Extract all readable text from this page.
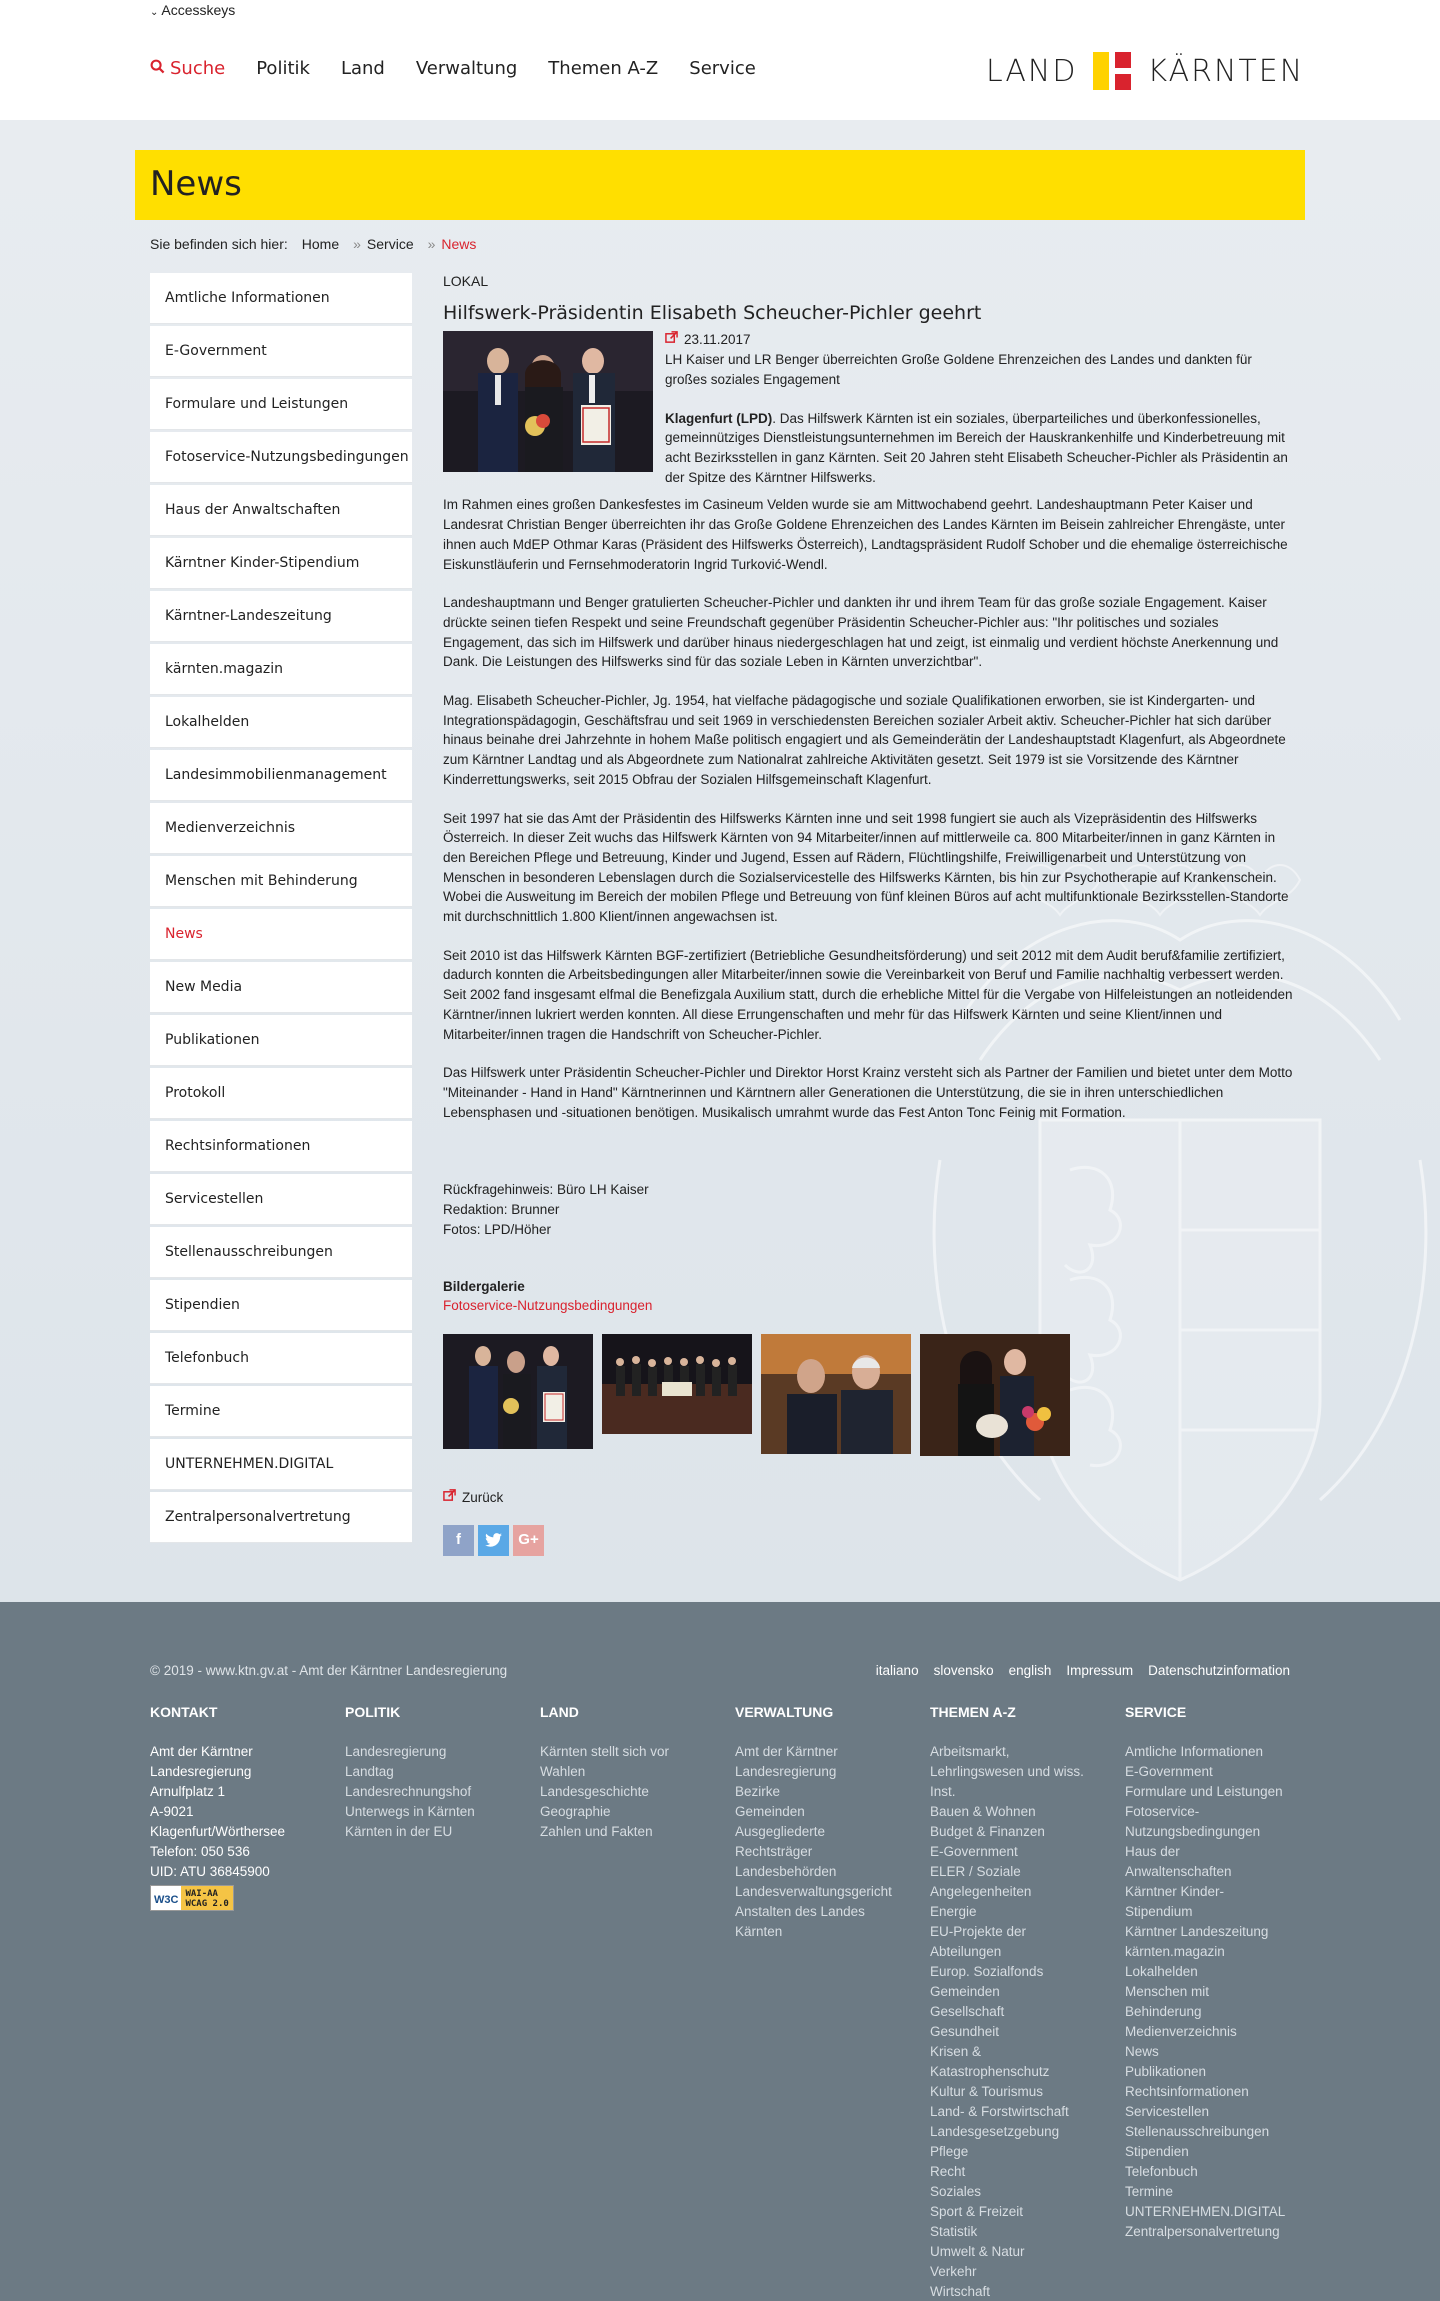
⌄ Accesskeys
Suche Politik Land Verwaltung Themen A-Z Service	LAND KÄRNTEN
News
Sie befinden sich hier: Home » Service » News
Amtliche Informationen
E-Government
Formulare und Leistungen
Fotoservice-Nutzungsbedingungen
Haus der Anwaltschaften
Kärntner Kinder-Stipendium
Kärntner-Landeszeitung
kärnten.magazin
Lokalhelden
Landesimmobilienmanagement
Medienverzeichnis
Menschen mit Behinderung
News
New Media
Publikationen
Protokoll
Rechtsinformationen
Servicestellen
Stellenausschreibungen
Stipendien
Telefonbuch
Termine
UNTERNEHMEN.DIGITAL
Zentralpersonalvertretung
LOKAL
Hilfswerk-Präsidentin Elisabeth Scheucher-Pichler geehrt
23.11.2017
LH Kaiser und LR Benger überreichten Große Goldene Ehrenzeichen des Landes und dankten für großes soziales Engagement
Klagenfurt (LPD). Das Hilfswerk Kärnten ist ein soziales, überparteiliches und überkonfessionelles, gemeinnütziges Dienstleistungsunternehmen im Bereich der Hauskrankenhilfe und Kinderbetreuung mit acht Bezirksstellen in ganz Kärnten. Seit 20 Jahren steht Elisabeth Scheucher-Pichler als Präsidentin an der Spitze des Kärntner Hilfswerks.
Im Rahmen eines großen Dankesfestes im Casineum Velden wurde sie am Mittwochabend geehrt. Landeshauptmann Peter Kaiser und Landesrat Christian Benger überreichten ihr das Große Goldene Ehrenzeichen des Landes Kärnten im Beisein zahlreicher Ehrengäste, unter ihnen auch MdEP Othmar Karas (Präsident des Hilfswerks Österreich), Landtagspräsident Rudolf Schober und die ehemalige österreichische Eiskunstläuferin und Fernsehmoderatorin Ingrid Turković-Wendl.
Landeshauptmann und Benger gratulierten Scheucher-Pichler und dankten ihr und ihrem Team für das große soziale Engagement. Kaiser drückte seinen tiefen Respekt und seine Freundschaft gegenüber Präsidentin Scheucher-Pichler aus: "Ihr politisches und soziales Engagement, das sich im Hilfswerk und darüber hinaus niedergeschlagen hat und zeigt, ist einmalig und verdient höchste Anerkennung und Dank. Die Leistungen des Hilfswerks sind für das soziale Leben in Kärnten unverzichtbar".
Mag. Elisabeth Scheucher-Pichler, Jg. 1954, hat vielfache pädagogische und soziale Qualifikationen erworben, sie ist Kindergarten- und Integrationspädagogin, Geschäftsfrau und seit 1969 in verschiedensten Bereichen sozialer Arbeit aktiv. Scheucher-Pichler hat sich darüber hinaus beinahe drei Jahrzehnte in hohem Maße politisch engagiert und als Gemeinderätin der Landeshauptstadt Klagenfurt, als Abgeordnete zum Kärntner Landtag und als Abgeordnete zum Nationalrat zahlreiche Aktivitäten gesetzt. Seit 1979 ist sie Vorsitzende des Kärntner Kinderrettungswerks, seit 2015 Obfrau der Sozialen Hilfsgemeinschaft Klagenfurt.
Seit 1997 hat sie das Amt der Präsidentin des Hilfswerks Kärnten inne und seit 1998 fungiert sie auch als Vizepräsidentin des Hilfswerks Österreich. In dieser Zeit wuchs das Hilfswerk Kärnten von 94 Mitarbeiter/innen auf mittlerweile ca. 800 Mitarbeiter/innen in ganz Kärnten in den Bereichen Pflege und Betreuung, Kinder und Jugend, Essen auf Rädern, Flüchtlingshilfe, Freiwilligenarbeit und Unterstützung von Menschen in besonderen Lebenslagen durch die Sozialservicestelle des Hilfswerks Kärnten, bis hin zur Psychotherapie auf Krankenschein. Wobei die Ausweitung im Bereich der mobilen Pflege und Betreuung von fünf kleinen Büros auf acht multifunktionale Bezirksstellen-Standorte mit durchschnittlich 1.800 Klient/innen angewachsen ist.
Seit 2010 ist das Hilfswerk Kärnten BGF-zertifiziert (Betriebliche Gesundheitsförderung) und seit 2012 mit dem Audit beruf&familie zertifiziert, dadurch konnten die Arbeitsbedingungen aller Mitarbeiter/innen sowie die Vereinbarkeit von Beruf und Familie nachhaltig verbessert werden. Seit 2002 fand insgesamt elfmal die Benefizgala Auxilium statt, durch die erhebliche Mittel für die Vergabe von Hilfeleistungen an notleidenden Kärntner/innen lukriert werden konnten. All diese Errungenschaften und mehr für das Hilfswerk Kärnten und seine Klient/innen und Mitarbeiter/innen tragen die Handschrift von Scheucher-Pichler.
Das Hilfswerk unter Präsidentin Scheucher-Pichler und Direktor Horst Krainz versteht sich als Partner der Familien und bietet unter dem Motto "Miteinander - Hand in Hand" Kärntnerinnen und Kärntnern aller Generationen die Unterstützung, die sie in ihren unterschiedlichen Lebensphasen und -situationen benötigen. Musikalisch umrahmt wurde das Fest Anton Tonc Feinig mit Formation.
Rückfragehinweis: Büro LH Kaiser
Redaktion: Brunner
Fotos: LPD/Höher
Bildergalerie
Fotoservice-Nutzungsbedingungen
Zurück
f	G+
© 2019 - www.ktn.gv.at - Amt der Kärntner Landesregierung	italiano slovensko english Impressum Datenschutzinformation
KONTAKT
Amt der Kärntner
Landesregierung
Arnulfplatz 1
A-9021
Klagenfurt/Wörthersee
Telefon: 050 536
UID: ATU 36845900
W3C WAI-AA
WCAG 2.0
POLITIK
Landesregierung
Landtag
Landesrechnungshof
Unterwegs in Kärnten
Kärnten in der EU
LAND
Kärnten stellt sich vor
Wahlen
Landesgeschichte
Geographie
Zahlen und Fakten
VERWALTUNG
Amt der Kärntner
Landesregierung
Bezirke
Gemeinden
Ausgegliederte
Rechtsträger
Landesbehörden
Landesverwaltungsgericht
Anstalten des Landes
Kärnten
THEMEN A-Z
Arbeitsmarkt,
Lehrlingswesen und wiss.
Inst.
Bauen & Wohnen
Budget & Finanzen
E-Government
ELER / Soziale
Angelegenheiten
Energie
EU-Projekte der
Abteilungen
Europ. Sozialfonds
Gemeinden
Gesellschaft
Gesundheit
Krisen &
Katastrophenschutz
Kultur & Tourismus
Land- & Forstwirtschaft
Landesgesetzgebung
Pflege
Recht
Soziales
Sport & Freizeit
Statistik
Umwelt & Natur
Verkehr
Wirtschaft
SERVICE
Amtliche Informationen
E-Government
Formulare und Leistungen
Fotoservice-
Nutzungsbedingungen
Haus der
Anwaltenschaften
Kärntner Kinder-
Stipendium
Kärntner Landeszeitung
kärnten.magazin
Lokalhelden
Menschen mit
Behinderung
Medienverzeichnis
News
Publikationen
Rechtsinformationen
Servicestellen
Stellenausschreibungen
Stipendien
Telefonbuch
Termine
UNTERNEHMEN.DIGITAL
Zentralpersonalvertretung
